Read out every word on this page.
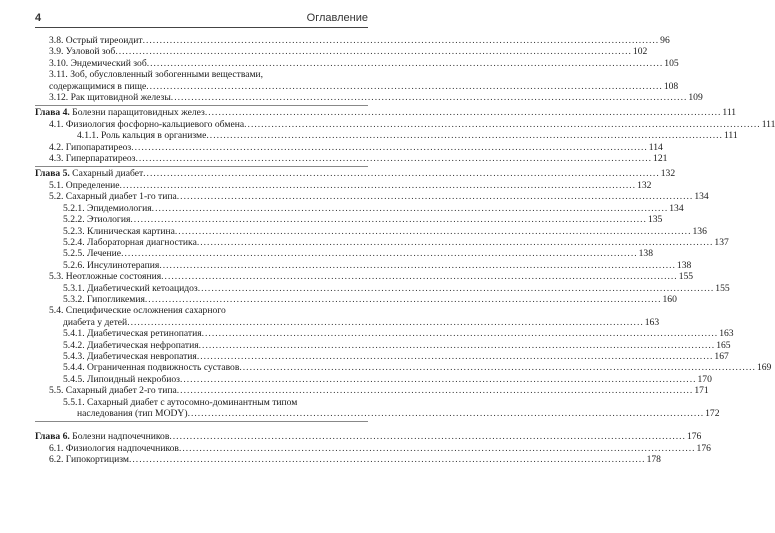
4	Оглавление
3.8. Острый тиреоидит .....	96
3.9. Узловой зоб .....	102
3.10. Эндемический зоб .....	105
3.11. Зоб, обусловленный зобогенными веществами,
содержащимися в пище .....	108
3.12. Рак щитовидной железы .....	109
Глава 4. Болезни паращитовидных желез .....	111
4.1. Физиология фосфорно-кальциевого обмена .....	111
4.1.1. Роль кальция в организме .....	111
4.2. Гипопаратиреоз .....	114
4.3. Гиперпаратиреоз .....	121
Глава 5. Сахарный диабет .....	132
5.1. Определение .....	132
5.2. Сахарный диабет 1-го типа .....	134
5.2.1. Эпидемиология .....	134
5.2.2. Этиология .....	135
5.2.3. Клиническая картина .....	136
5.2.4. Лабораторная диагностика .....	137
5.2.5. Лечение .....	138
5.2.6. Инсулинотерапия .....	138
5.3. Неотложные состояния .....	155
5.3.1. Диабетический кетоацидоз .....	155
5.3.2. Гипогликемия .....	160
5.4. Специфические осложнения сахарного
диабета у детей .....	163
5.4.1. Диабетическая ретинопатия .....	163
5.4.2. Диабетическая нефропатия .....	165
5.4.3. Диабетическая невропатия .....	167
5.4.4. Ограниченная подвижность суставов .....	169
5.4.5. Липоидный некробиоз .....	170
5.5. Сахарный диабет 2-го типа .....	171
5.5.1. Сахарный диабет с аутосомно-доминантным типом
наследования (тип MODY) .....	172
Глава 6. Болезни надпочечников .....	176
6.1. Физиология надпочечников .....	176
6.2. Гипокортицизм .....	178
